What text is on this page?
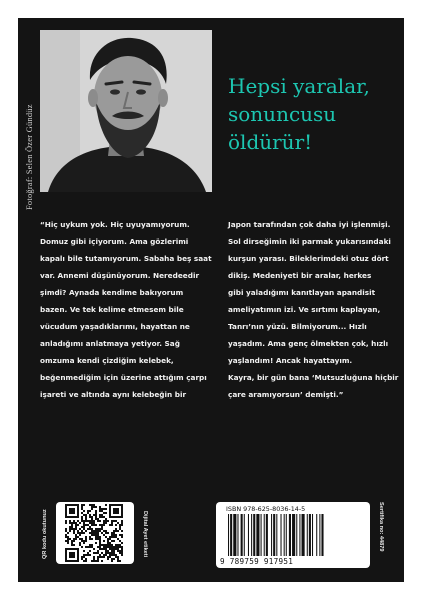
Fotoğraf: Selen Özer Gündüz
Hepsi yaralar,
sonuncusu
öldürür!
“Hiç uykum yok. Hiç uyuyamıyorum.
Domuz gibi içiyorum. Ama gözlerimi
kapalı bile tutamıyorum. Sabaha beş saat
var. Annemi düşünüyorum. Neredeedir
şimdi? Aynada kendime bakıyorum
bazen. Ve tek kelime etmesem bile
vücudum yaşadıklarımı, hayattan ne
anladığımı anlatmaya yetiyor. Sağ
omzuma kendi çizdiğim kelebek,
beğenmediğim için üzerine attığım çarpı
işareti ve altında aynı kelebeğin bir
Japon tarafından çok daha iyi işlenmişi.
Sol dirseğimin iki parmak yukarısındaki
kurşun yarası. Bileklerimdeki otuz dört
dikiş. Medeniyeti bir aralar, herkes
gibi yaladığımı kanıtlayan apandisit
ameliyatımın izi. Ve sırtımı kaplayan,
Tanrı’nın yüzü. Bilmiyorum... Hızlı
yaşadım. Ama genç ölmekten çok, hızlı
yaşlandım! Ancak hayattayım.
Kayra, bir gün bana ‘Mutsuzluğuna hiçbir
çare aramıyorsun’ demişti.”
QR kodu okutunuz	Dijital Ayet etiketi
ISBN 978-625-8036-14-5
9 789759 917951
Sertifika no: 44879
